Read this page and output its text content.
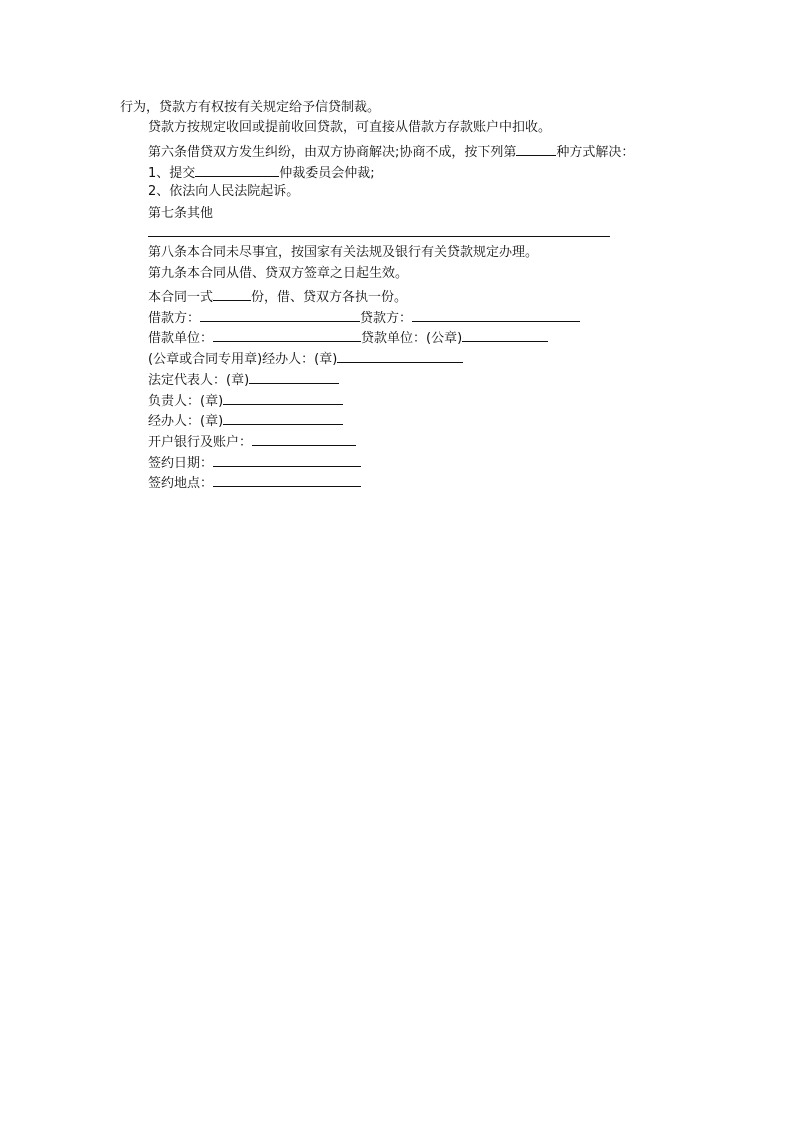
行为，贷款方有权按有关规定给予信贷制裁。
贷款方按规定收回或提前收回贷款，可直接从借款方存款账户中扣收。
第六条借贷双方发生纠纷，由双方协商解决;协商不成，按下列第	种方式解决：
1、提交	仲裁委员会仲裁;
2、依法向人民法院起诉。
第七条其他
第八条本合同未尽事宜，按国家有关法规及银行有关贷款规定办理。
第九条本合同从借、贷双方签章之日起生效。
本合同一式	份，借、贷双方各执一份。
借款方：	贷款方：
借款单位：	贷款单位：(公章)
(公章或合同专用章)经办人：(章)
法定代表人：(章)
负责人：(章)
经办人：(章)
开户银行及账户：
签约日期：
签约地点：
